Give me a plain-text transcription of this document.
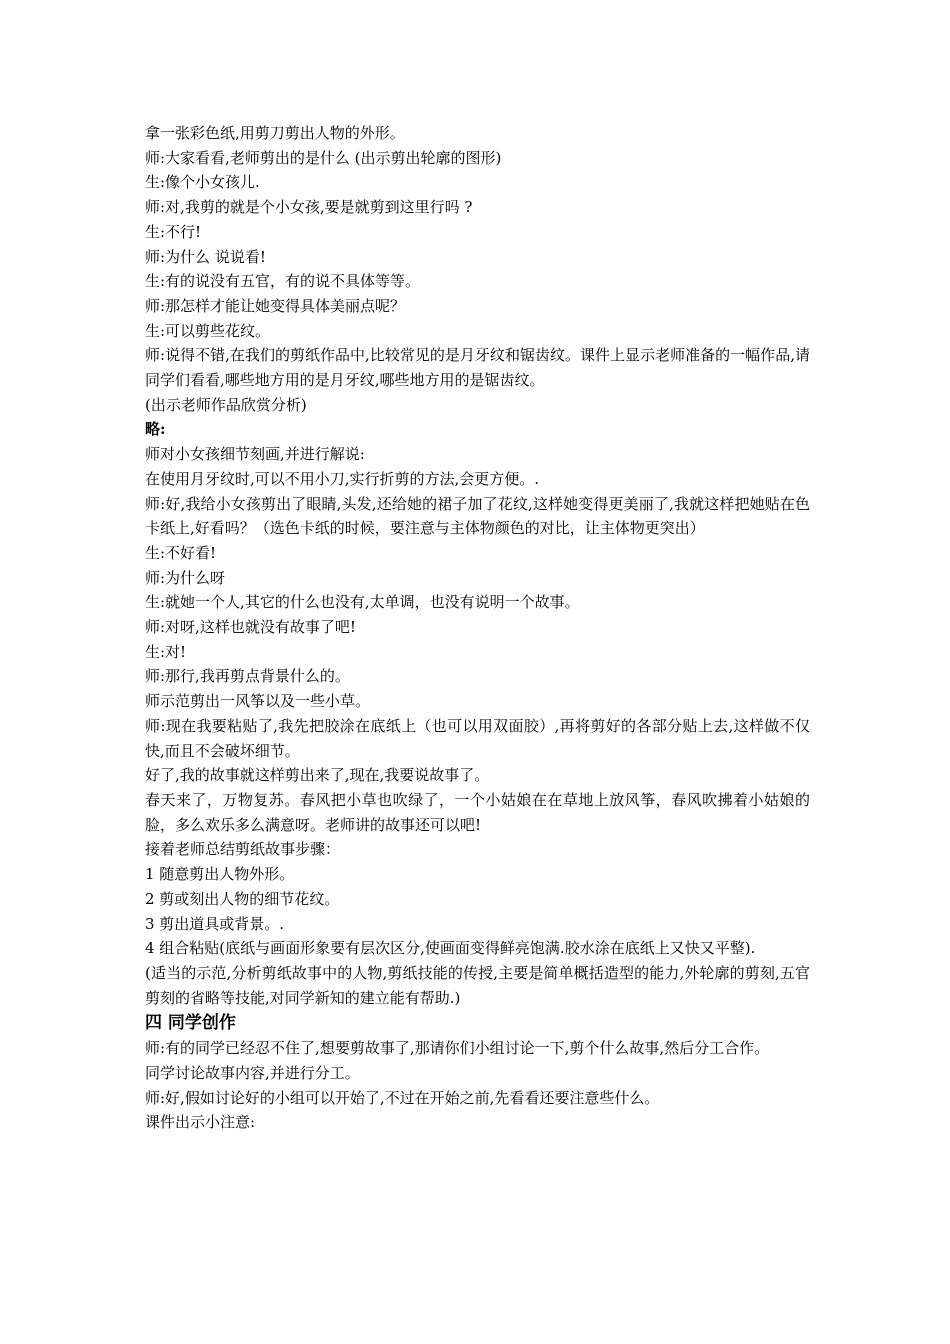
拿一张彩色纸,用剪刀剪出人物的外形。

师:大家看看,老师剪出的是什么 (出示剪出轮廓的图形)

生:像个小女孩儿.

师:对,我剪的就是个小女孩,要是就剪到这里行吗 ?

生:不行!

师:为什么 说说看!

生:有的说没有五官，有的说不具体等等。

师:那怎样才能让她变得具体美丽点呢？

生:可以剪些花纹。

师:说得不错,在我们的剪纸作品中,比较常见的是月牙纹和锯齿纹。课件上显示老师准备的一幅作品,请同学们看看,哪些地方用的是月牙纹,哪些地方用的是锯齿纹。

(出示老师作品欣赏分析)

略:

师对小女孩细节刻画,并进行解说:

在使用月牙纹时,可以不用小刀,实行折剪的方法,会更方便。.

师:好,我给小女孩剪出了眼睛,头发,还给她的裙子加了花纹,这样她变得更美丽了,我就这样把她贴在色卡纸上,好看吗？（选色卡纸的时候，要注意与主体物颜色的对比，让主体物更突出）

生:不好看!

师:为什么呀

生:就她一个人,其它的什么也没有,太单调，也没有说明一个故事。

师:对呀,这样也就没有故事了吧!

生:对!

师:那行,我再剪点背景什么的。

师示范剪出一风筝以及一些小草。

师:现在我要粘贴了,我先把胶涂在底纸上（也可以用双面胶）,再将剪好的各部分贴上去,这样做不仅快,而且不会破坏细节。

好了,我的故事就这样剪出来了,现在,我要说故事了。

春天来了，万物复苏。春风把小草也吹绿了，一个小姑娘在在草地上放风筝，春风吹拂着小姑娘的脸，多么欢乐多么满意呀。老师讲的故事还可以吧!

接着老师总结剪纸故事步骤：

1 随意剪出人物外形。

2 剪或刻出人物的细节花纹。

3 剪出道具或背景。.

4 组合粘贴(底纸与画面形象要有层次区分,使画面变得鲜亮饱满.胶水涂在底纸上又快又平整).

(适当的示范,分析剪纸故事中的人物,剪纸技能的传授,主要是简单概括造型的能力,外轮廓的剪刻,五官剪刻的省略等技能,对同学新知的建立能有帮助.)

四 同学创作

师:有的同学已经忍不住了,想要剪故事了,那请你们小组讨论一下,剪个什么故事,然后分工合作。

同学讨论故事内容,并进行分工。

师:好,假如讨论好的小组可以开始了,不过在开始之前,先看看还要注意些什么。

课件出示小注意:
